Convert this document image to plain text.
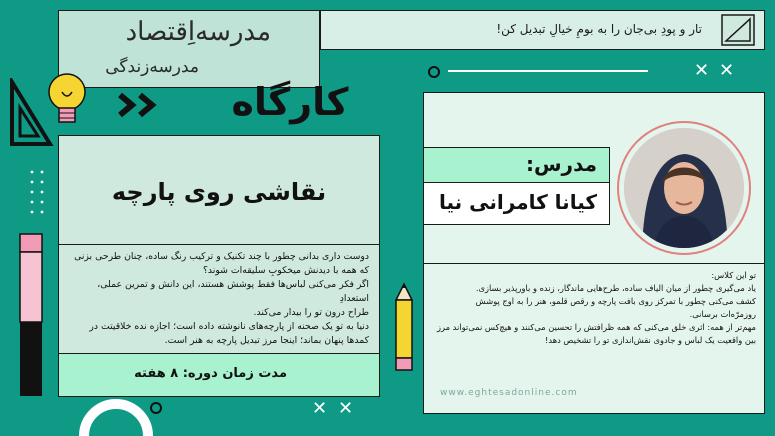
مدرسه‌اِقتصاد
مدرسه‌زندگی
تار و پودِ بی‌جان را به بومِ خیالِ تبدیل کن!
✕ ✕
✕ ✕
کارگاه
نقاشی روی پارچه

دوست داری بدانی چطور با چند تکنیک و ترکیب رنگ ساده، چنان طرحی بزنی

که همه با دیدنش میخکوبِ سلیقه‌ات شوند؟

اگر فکر می‌کنی لباس‌ها فقط پوشش هستند، این دانش و تمرین عملی، استعدادِ

طراح درون تو را بیدار می‌کند.

دنیا به تو یک صحنه از پارچه‌های نانوشته داده است؛ اجازه نده خلاقیتت در

کمدها پنهان بماند؛ اینجا مرز تبدیل پارچه به هنر است.

مدت زمان دوره: ۸ هفته
مدرس:
کیانا کامرانی نیا

تو این کلاس:

یاد می‌گیری چطور از میان الیاف ساده، طرح‌هایی ماندگار، زنده و باورپذیر بسازی.

کشف می‌کنی چطور با تمرکز روی بافت پارچه و رقص قلمو، هنر را به اوج پوشش

روزمرّه‌ات برسانی.

مهم‌تر از همه: اثری خلق می‌کنی که همه ظرافتش را تحسین می‌کنند و هیچ‌کس نمی‌تواند مرز

بین واقعیت یک لباس و جادوی نقش‌اندازی تو را تشخیص دهد!

www.eghtesadonline.com
